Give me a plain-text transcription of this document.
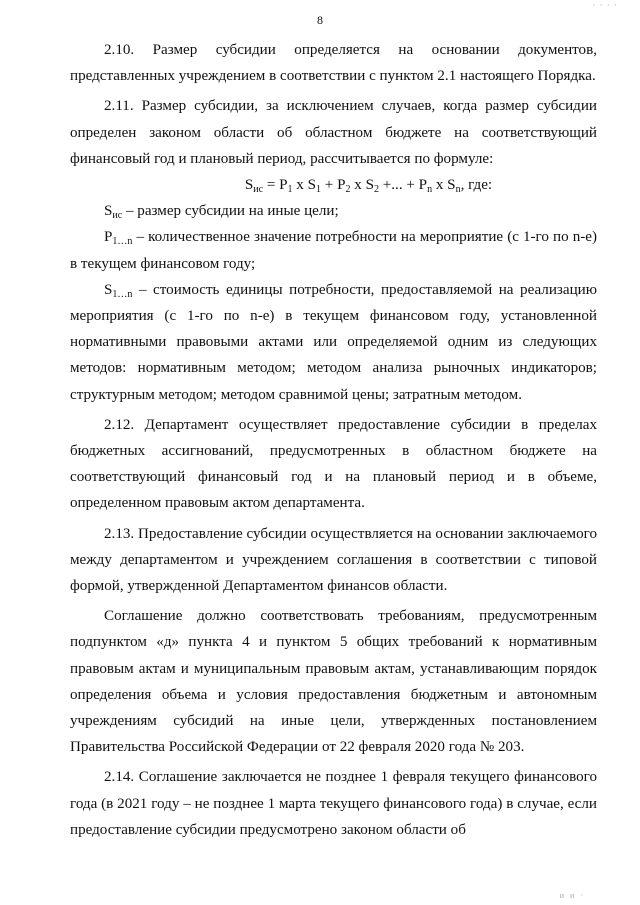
· · · ·
8

2.10. Размер субсидии определяется на основании документов, представленных учреждением в соответствии с пунктом 2.1 настоящего Порядка.

2.11. Размер субсидии, за исключением случаев, когда размер субсидии определен законом области об областном бюджете на соответствующий финансовый год и плановый период, рассчитывается по формуле:

$S_{ис} = P_1$ х $S_1 + P_2$ х $S_2$ +... + $P_n$ х $S_n$, где:

$S_{ис}$ – размер субсидии на иные цели;

$P_{1\dots n}$ – количественное значение потребности на мероприятие (с 1-го по n-е) в текущем финансовом году;

$S_{1\dots n}$ – стоимость единицы потребности, предоставляемой на реализацию мероприятия (с 1-го по n-е) в текущем финансовом году, установленной нормативными правовыми актами или определяемой одним из следующих методов: нормативным методом; методом анализа рыночных индикаторов; структурным методом; методом сравнимой цены; затратным методом.

2.12. Департамент осуществляет предоставление субсидии в пределах бюджетных ассигнований, предусмотренных в областном бюджете на соответствующий финансовый год и на плановый период и в объеме, определенном правовым актом департамента.

2.13. Предоставление субсидии осуществляется на основании заключаемого между департаментом и учреждением соглашения в соответствии с типовой формой, утвержденной Департаментом финансов области.

Соглашение должно соответствовать требованиям, предусмотренным подпунктом «д» пункта 4 и пунктом 5 общих требований к нормативным правовым актам и муниципальным правовым актам, устанавливающим порядок определения объема и условия предоставления бюджетным и автономным учреждениям субсидий на иные цели, утвержденных постановлением Правительства Российской Федерации от 22 февраля 2020 года № 203.

2.14. Соглашение заключается не позднее 1 февраля текущего финансового года (в 2021 году – не позднее 1 марта текущего финансового года) в случае, если предоставление субсидии предусмотрено законом области об

и и ·
